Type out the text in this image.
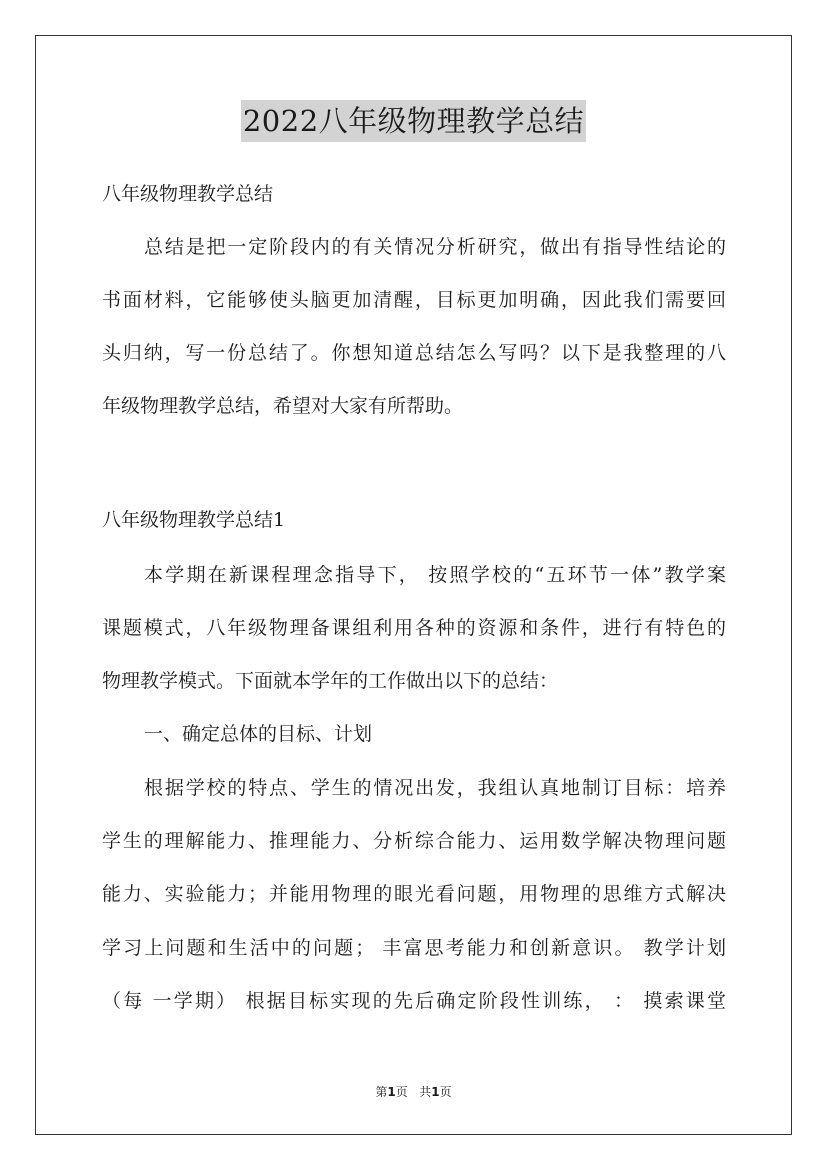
2022八年级物理教学总结
八年级物理教学总结
总结是把一定阶段内的有关情况分析研究，做出有指导性结论的
书面材料，它能够使头脑更加清醒，目标更加明确，因此我们需要回
头归纳，写一份总结了。你想知道总结怎么写吗？以下是我整理的八
年级物理教学总结，希望对大家有所帮助。
八年级物理教学总结1
本学期在新课程理念指导下， 按照学校的“五环节一体”教学案
课题模式，八年级物理备课组利用各种的资源和条件，进行有特色的
物理教学模式。下面就本学年的工作做出以下的总结：
一、确定总体的目标、计划
根据学校的特点、学生的情况出发，我组认真地制订目标：培养
学生的理解能力、推理能力、分析综合能力、运用数学解决物理问题
能力、实验能力；并能用物理的眼光看问题，用物理的思维方式解决
学习上问题和生活中的问题； 丰富思考能力和创新意识。 教学计划
（每 一学期） 根据目标实现的先后确定阶段性训练， ： 摸索课堂
第1页 共1页
